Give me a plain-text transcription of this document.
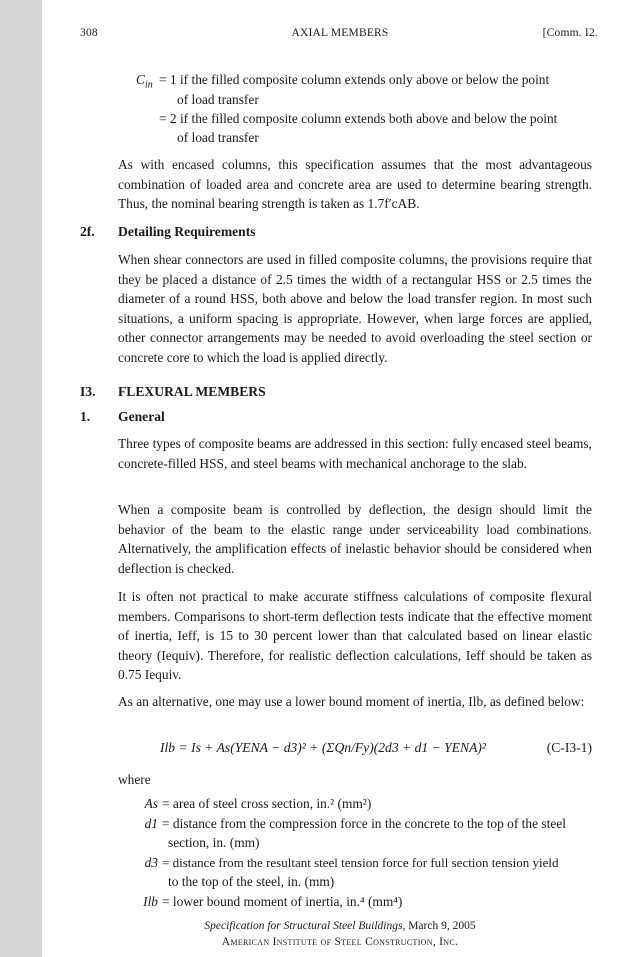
308	AXIAL MEMBERS	[Comm. I2.
$C_{in} = 1$ if the filled composite column extends only above or below the point
of load transfer
= 2 if the filled composite column extends both above and below the point
of load transfer
As with encased columns, this specification assumes that the most advantageous combination of loaded area and concrete area are used to determine bearing strength. Thus, the nominal bearing strength is taken as 1.7f′cAB.
2f. Detailing Requirements
When shear connectors are used in filled composite columns, the provisions require that they be placed a distance of 2.5 times the width of a rectangular HSS or 2.5 times the diameter of a round HSS, both above and below the load transfer region. In most such situations, a uniform spacing is appropriate. However, when large forces are applied, other connector arrangements may be needed to avoid overloading the steel section or concrete core to which the load is applied directly.
I3. FLEXURAL MEMBERS
1. General
Three types of composite beams are addressed in this section: fully encased steel beams, concrete-filled HSS, and steel beams with mechanical anchorage to the slab.
When a composite beam is controlled by deflection, the design should limit the behavior of the beam to the elastic range under serviceability load combinations. Alternatively, the amplification effects of inelastic behavior should be considered when deflection is checked.
It is often not practical to make accurate stiffness calculations of composite flexural members. Comparisons to short-term deflection tests indicate that the effective moment of inertia, Ieff, is 15 to 30 percent lower than that calculated based on linear elastic theory (Iequiv). Therefore, for realistic deflection calculations, Ieff should be taken as 0.75 Iequiv.
As an alternative, one may use a lower bound moment of inertia, Ilb, as defined below:
Ilb = Is + As(YENA − d3)² + (ΣQn/Fy)(2d3 + d1 − YENA)²	(C-I3-1)
where
As = area of steel cross section, in.² (mm²)
d1 = distance from the compression force in the concrete to the top of the steel
section, in. (mm)
d3 = distance from the resultant steel tension force for full section tension yield
to the top of the steel, in. (mm)
Ilb = lower bound moment of inertia, in.⁴ (mm⁴)
Specification for Structural Steel Buildings, March 9, 2005
American Institute of Steel Construction, Inc.
